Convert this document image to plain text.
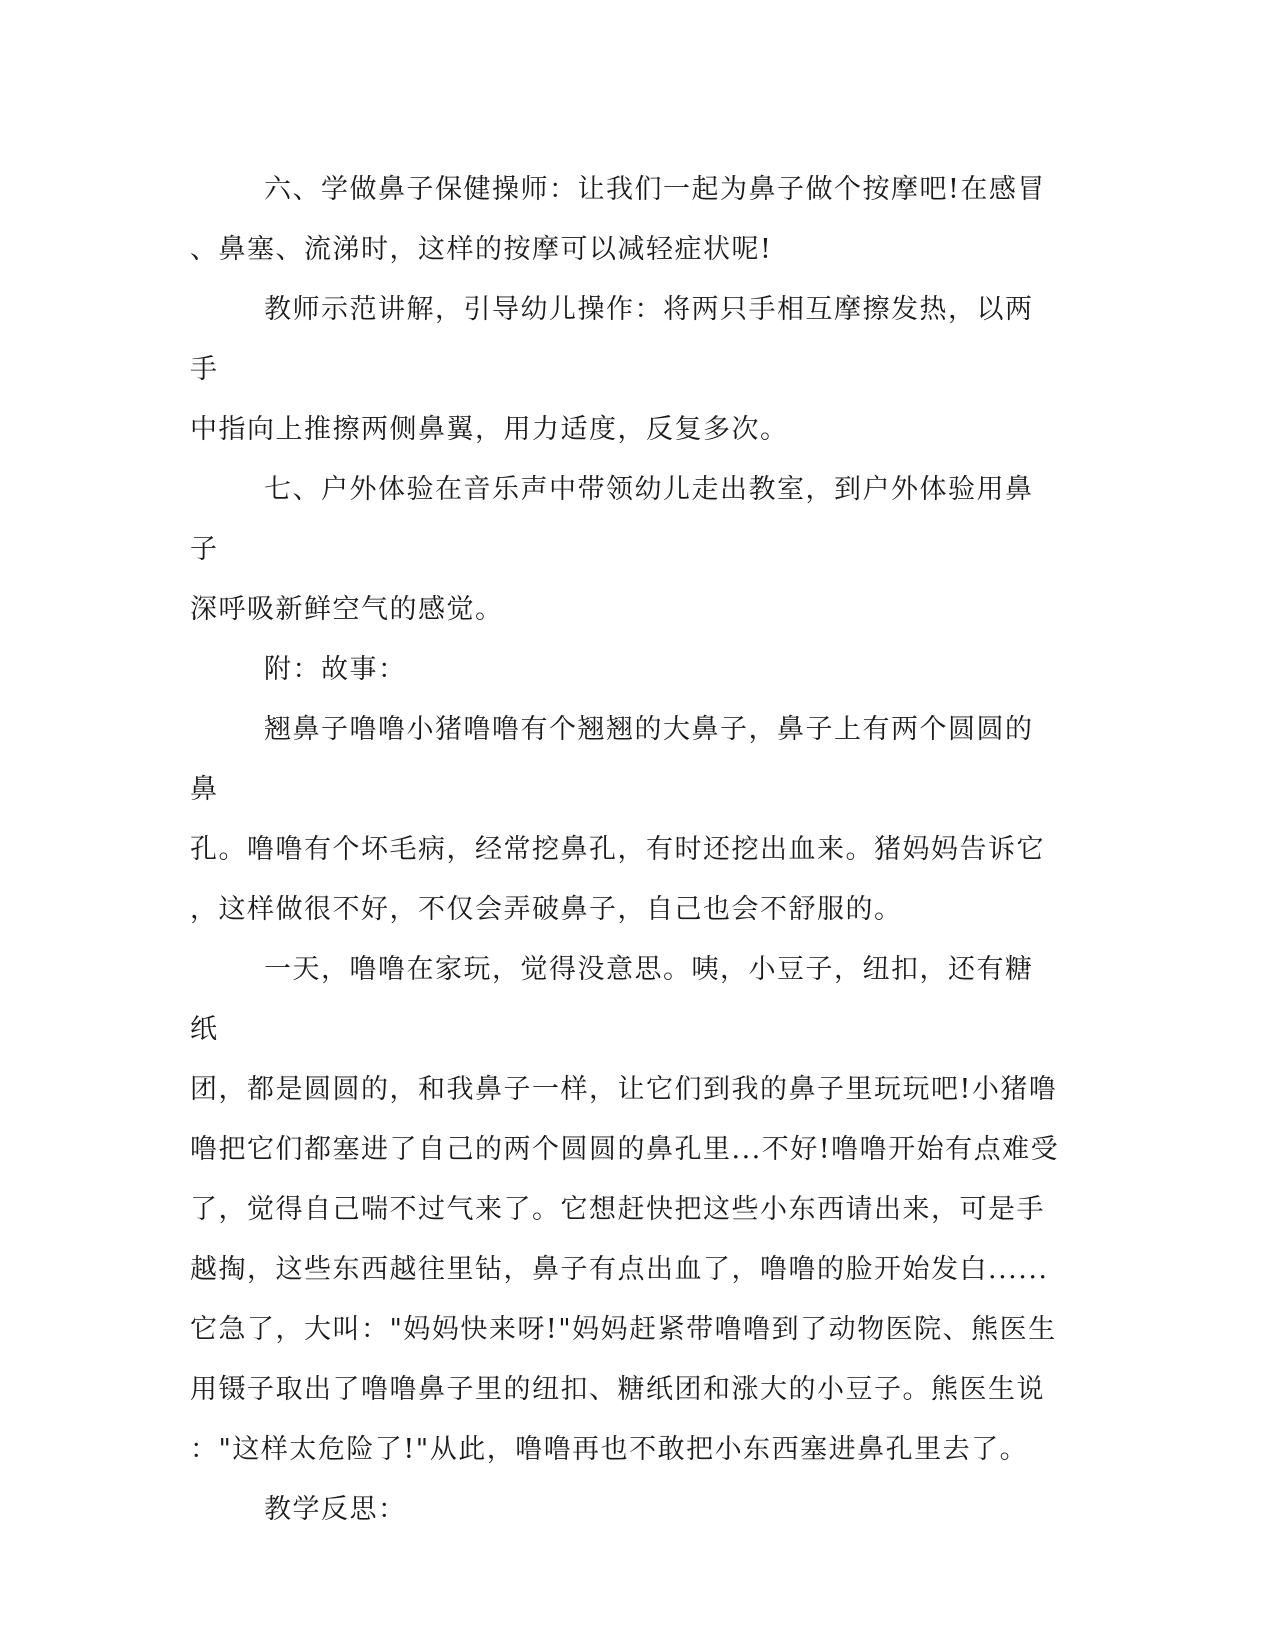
六、学做鼻子保健操师：让我们一起为鼻子做个按摩吧!在感冒
、鼻塞、流涕时，这样的按摩可以减轻症状呢!

教师示范讲解，引导幼儿操作：将两只手相互摩擦发热，以两手
中指向上推擦两侧鼻翼，用力适度，反复多次。

七、户外体验在音乐声中带领幼儿走出教室，到户外体验用鼻子
深呼吸新鲜空气的感觉。

附：故事：

翘鼻子噜噜小猪噜噜有个翘翘的大鼻子，鼻子上有两个圆圆的鼻
孔。噜噜有个坏毛病，经常挖鼻孔，有时还挖出血来。猪妈妈告诉它
，这样做很不好，不仅会弄破鼻子，自己也会不舒服的。

一天，噜噜在家玩，觉得没意思。咦，小豆子，纽扣，还有糖纸
团，都是圆圆的，和我鼻子一样，让它们到我的鼻子里玩玩吧!小猪噜
噜把它们都塞进了自己的两个圆圆的鼻孔里...不好!噜噜开始有点难受
了，觉得自己喘不过气来了。它想赶快把这些小东西请出来，可是手
越掏，这些东西越往里钻，鼻子有点出血了，噜噜的脸开始发白......
它急了，大叫："妈妈快来呀!"妈妈赶紧带噜噜到了动物医院、熊医生
用镊子取出了噜噜鼻子里的纽扣、糖纸团和涨大的小豆子。熊医生说
："这样太危险了!"从此，噜噜再也不敢把小东西塞进鼻孔里去了。

教学反思：
